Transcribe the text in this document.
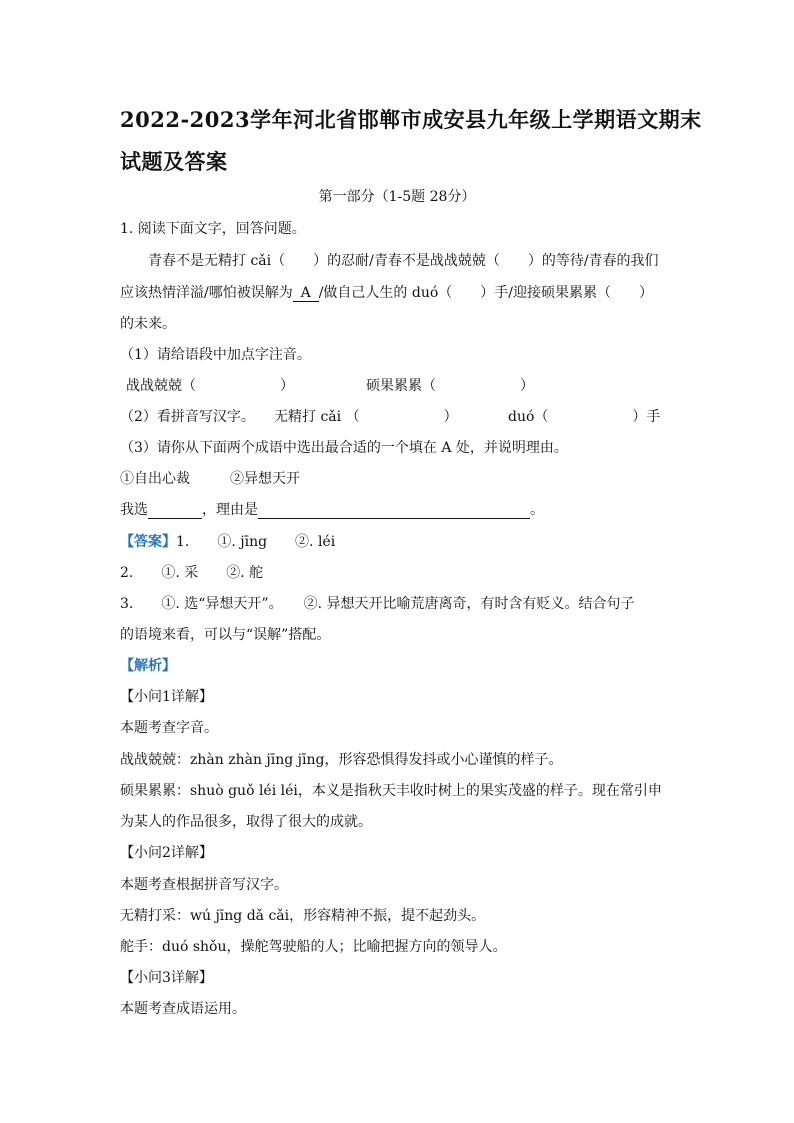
2022-2023学年河北省邯郸市成安县九年级上学期语文期末
试题及答案
第一部分（1-5题 28分）
1. 阅读下面文字，回答问题。
青春不是无精打 cǎi（　　）的忍耐/青春不是战战兢兢（　　）的等待/青春的我们
应该热情洋溢/哪怕被误解为 A /做自己人生的 duó（　　）手/迎接硕果累累（　　）
的未来。
（1）请给语段中加点字注音。
战战兢兢（　　　　　　）	硕果累累（　　　　　　）
（2）看拼音写汉字。 无精打 cǎi （　　　　　　）	duó（　　　　　　）手
（3）请你从下面两个成语中选出最合适的一个填在 A 处，并说明理由。
①自出心裁	②异想天开
我选	，理由是	。
【答案】1.　　①. jīng　　②. léi
2.　　①. 采　　②. 舵
3.　　①. 选“异想天开”。　　②. 异想天开比喻荒唐离奇，有时含有贬义。结合句子
的语境来看，可以与“误解”搭配。
【解析】
【小问1详解】
本题考查字音。
战战兢兢：zhàn zhàn jīng jīng，形容恐惧得发抖或小心谨慎的样子。
硕果累累：shuò guǒ léi léi，本义是指秋天丰收时树上的果实茂盛的样子。现在常引申
为某人的作品很多，取得了很大的成就。
【小问2详解】
本题考查根据拼音写汉字。
无精打采：wú jīng dǎ cǎi，形容精神不振，提不起劲头。
舵手：duó shǒu，操舵驾驶船的人；比喻把握方向的领导人。
【小问3详解】
本题考查成语运用。
